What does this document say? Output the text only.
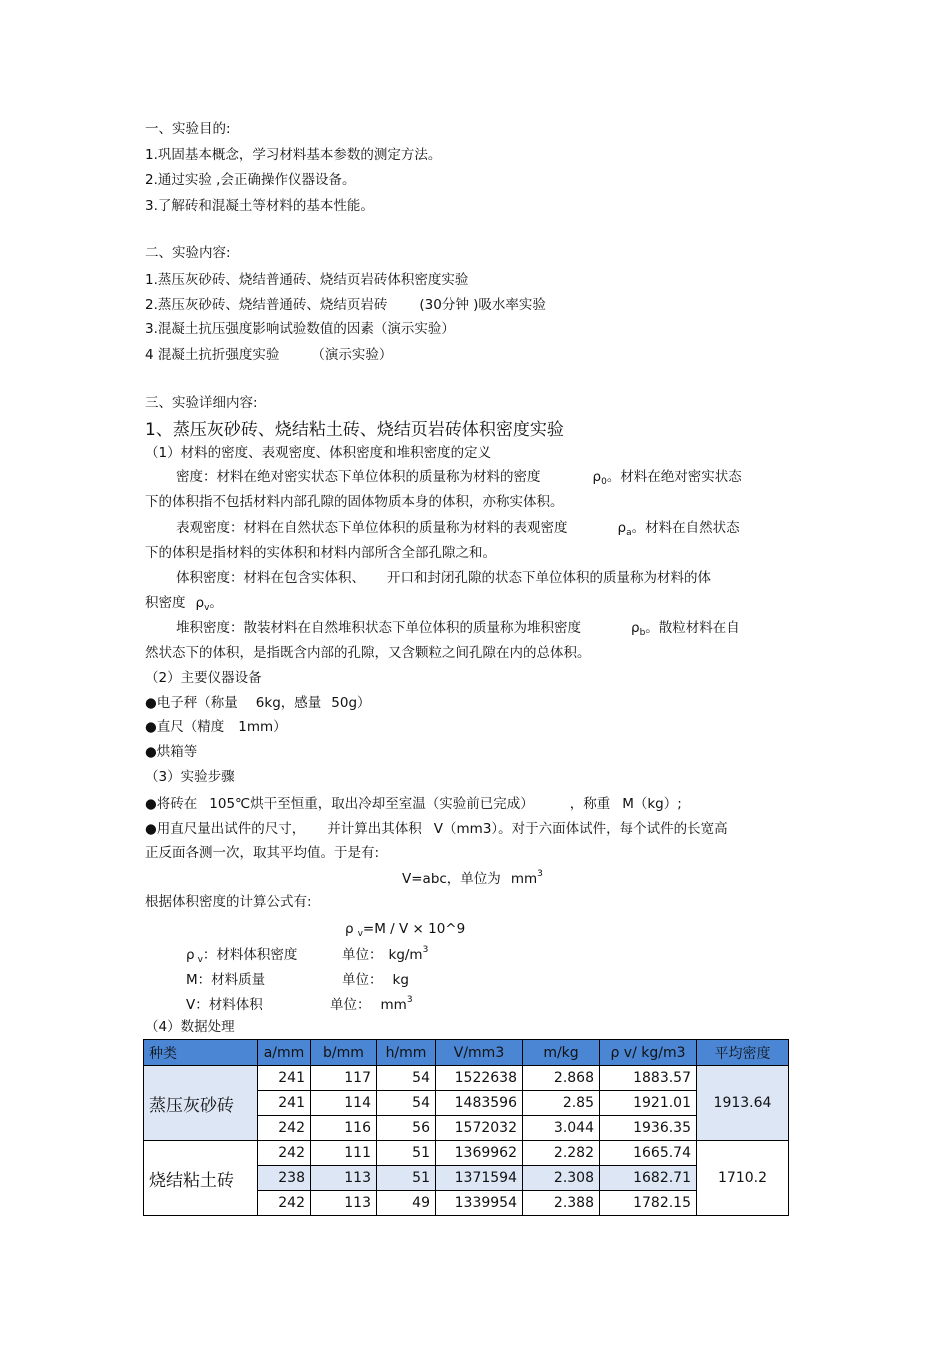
一、实验目的:
1.巩固基本概念，学习材料基本参数的测定方法。
2.通过实验 ,会正确操作仪器设备。
3.了解砖和混凝土等材料的基本性能。
二、实验内容:
1.蒸压灰砂砖、烧结普通砖、烧结页岩砖体积密度实验
2.蒸压灰砂砖、烧结普通砖、烧结页岩砖 (30分钟 )吸水率实验
3.混凝土抗压强度影响试验数值的因素（演示实验）
4 混凝土抗折强度实验 （演示实验）
三、实验详细内容:
1、蒸压灰砂砖、烧结粘土砖、烧结页岩砖体积密度实验
（1）材料的密度、表观密度、体积密度和堆积密度的定义
密度：材料在绝对密实状态下单位体积的质量称为材料的密度	$\rho_0$。材料在绝对密实状态
下的体积指不包括材料内部孔隙的固体物质本身的体积，亦称实体积。
表观密度：材料在自然状态下单位体积的质量称为材料的表观密度	$\rho_a$。材料在自然状态
下的体积是指材料的实体积和材料内部所含全部孔隙之和。
体积密度：材料在包含实体积、 开口和封闭孔隙的状态下单位体积的质量称为材料的体
积密度 $\rho_v$。
堆积密度：散装材料在自然堆积状态下单位体积的质量称为堆积密度	$\rho_b$。散粒材料在自
然状态下的体积，是指既含内部的孔隙，又含颗粒之间孔隙在内的总体积。
（2）主要仪器设备
●电子秤（称量 6kg，感量 50g）
●直尺（精度 1mm）
●烘箱等
（3）实验步骤
●将砖在 105℃烘干至恒重，取出冷却至室温（实验前已完成）	，称重 M（kg）;
●用直尺量出试件的尺寸， 并计算出其体积 V（mm3）。对于六面体试件，每个试件的长宽高
正反面各测一次，取其平均值。于是有:
V=abc，单位为 $mm^3$
根据体积密度的计算公式有:
ρ $_v$=M / V × 10^9
ρ $_v$：材料体积密度	单位： $kg/m^3$
M：材料质量	单位： kg
V：材料体积	单位： $mm^3$
（4）数据处理
种类	a/mm	b/mm	h/mm	V/mm3	m/kg	ρ v/ kg/m3	平均密度
蒸压灰砂砖	241	117	54	1522638	2.868	1883.57	1913.64
	241	114	54	1483596	2.85	1921.01	
	242	116	56	1572032	3.044	1936.35	
烧结粘土砖	242	111	51	1369962	2.282	1665.74	1710.2
	238	113	51	1371594	2.308	1682.71	
	242	113	49	1339954	2.388	1782.15	
